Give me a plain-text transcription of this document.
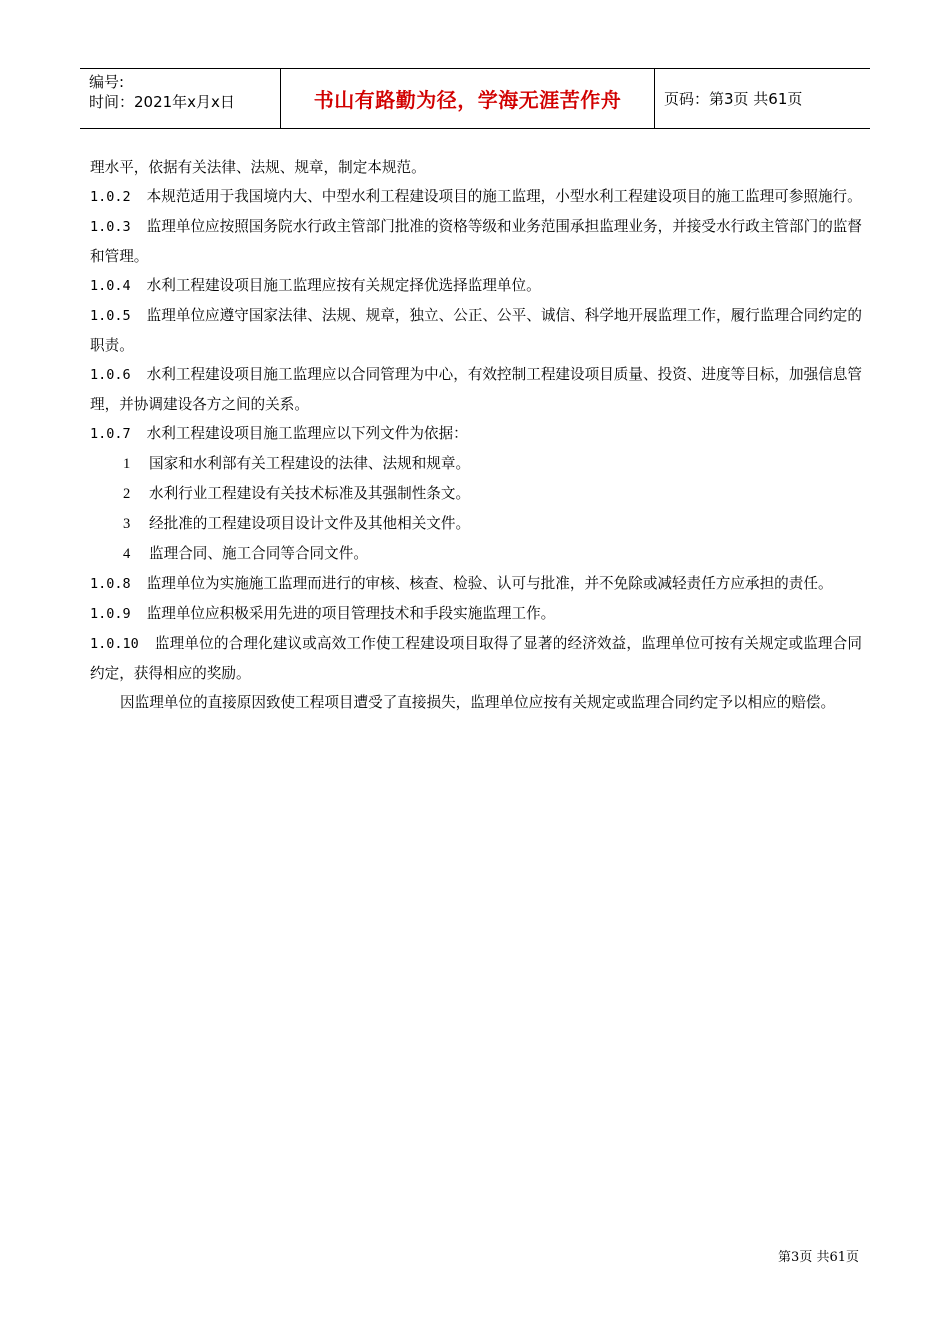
编号:
时间：2021年x月x日	书山有路勤为径，学海无涯苦作舟	页码：第3页 共61页

理水平，依据有关法律、法规、规章，制定本规范。

1.0.2 本规范适用于我国境内大、中型水利工程建设项目的施工监理，小型水利工程建设项目的施工监理可参照施行。

1.0.3 监理单位应按照国务院水行政主管部门批准的资格等级和业务范围承担监理业务，并接受水行政主管部门的监督和管理。

1.0.4 水利工程建设项目施工监理应按有关规定择优选择监理单位。

1.0.5 监理单位应遵守国家法律、法规、规章，独立、公正、公平、诚信、科学地开展监理工作，履行监理合同约定的职责。

1.0.6 水利工程建设项目施工监理应以合同管理为中心，有效控制工程建设项目质量、投资、进度等目标，加强信息管理，并协调建设各方之间的关系。

1.0.7 水利工程建设项目施工监理应以下列文件为依据：

1 国家和水利部有关工程建设的法律、法规和规章。

2 水利行业工程建设有关技术标准及其强制性条文。

3 经批准的工程建设项目设计文件及其他相关文件。

4 监理合同、施工合同等合同文件。

1.0.8 监理单位为实施施工监理而进行的审核、核查、检验、认可与批准，并不免除或减轻责任方应承担的责任。

1.0.9 监理单位应积极采用先进的项目管理技术和手段实施监理工作。

1.0.10 监理单位的合理化建议或高效工作使工程建设项目取得了显著的经济效益，监理单位可按有关规定或监理合同约定，获得相应的奖励。

因监理单位的直接原因致使工程项目遭受了直接损失，监理单位应按有关规定或监理合同约定予以相应的赔偿。

第3页 共61页
